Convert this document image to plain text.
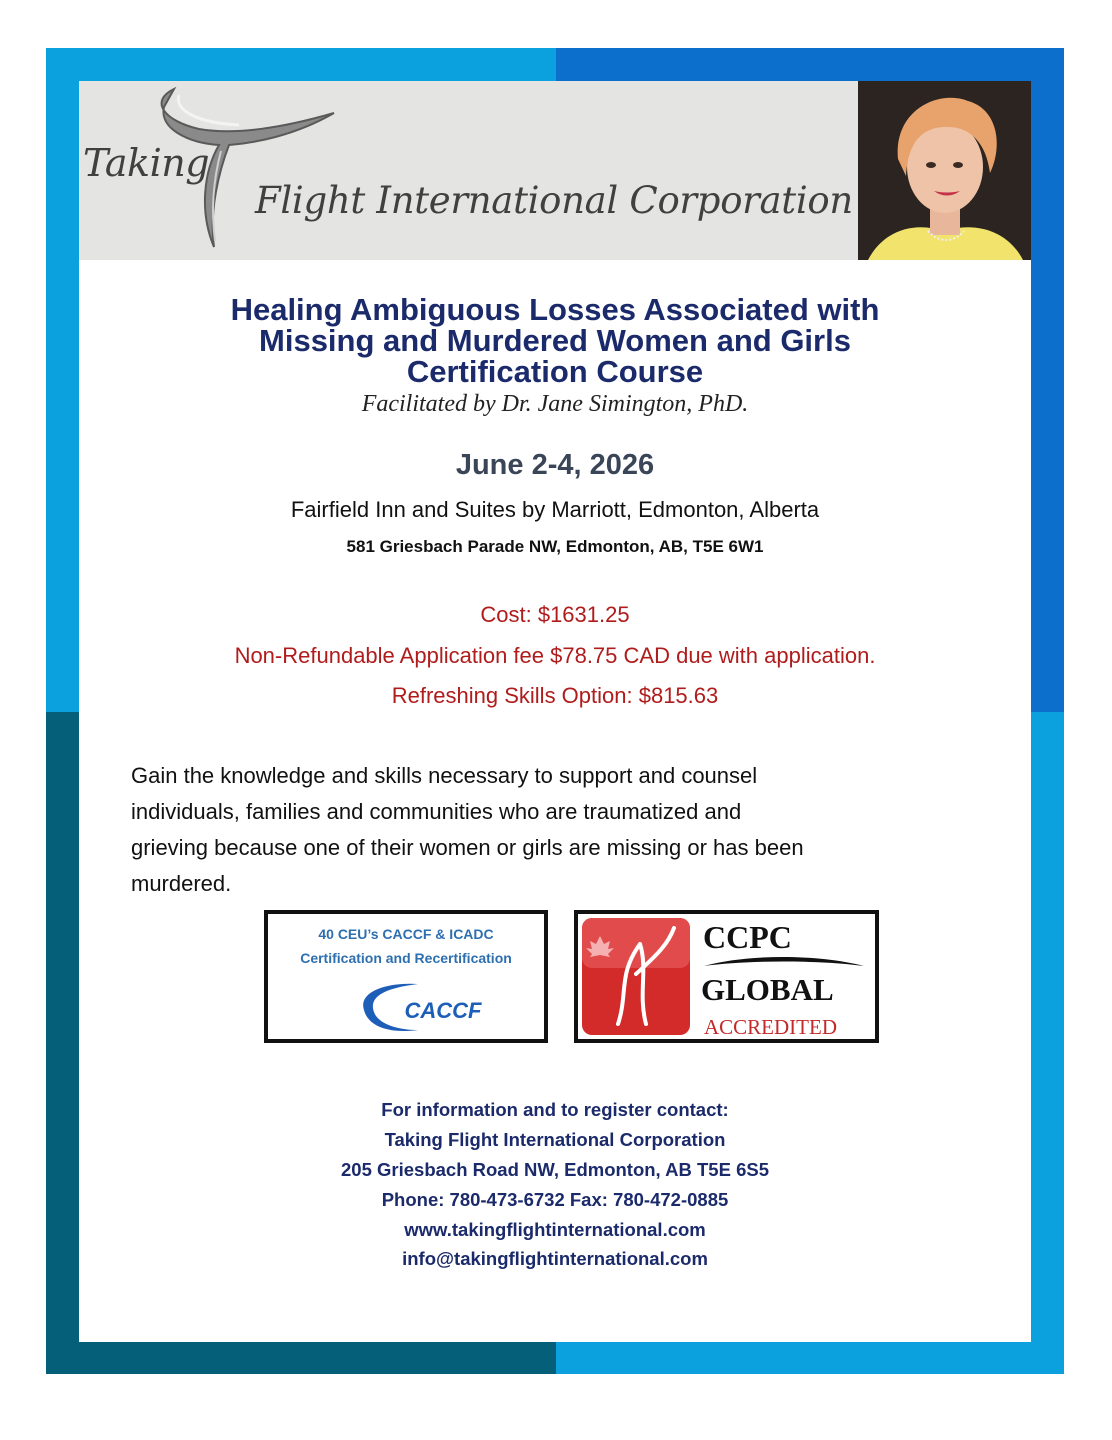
Taking
Flight International Corporation
Healing Ambiguous Losses Associated with
Missing and Murdered Women and Girls
Certification Course
Facilitated by Dr. Jane Simington, PhD.
June 2-4, 2026
Fairfield Inn and Suites by Marriott, Edmonton, Alberta
581 Griesbach Parade NW, Edmonton, AB, T5E 6W1
Cost: $1631.25
Non-Refundable Application fee $78.75 CAD due with application.
Refreshing Skills Option: $815.63
Gain the knowledge and skills necessary to support and counsel
individuals, families and communities who are traumatized and
grieving because one of their women or girls are missing or has been
murdered.
40 CEU’s CACCF & ICADC
Certification and Recertification
CACCF
CCPC
GLOBAL
ACCREDITED
For information and to register contact:
Taking Flight International Corporation
205 Griesbach Road NW, Edmonton, AB T5E 6S5
Phone: 780-473-6732 Fax: 780-472-0885
www.takingflightinternational.com
info@takingflightinternational.com
